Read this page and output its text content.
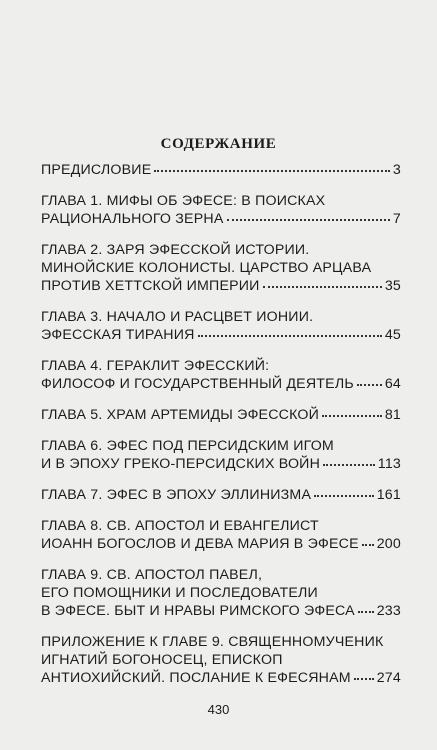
СОДЕРЖАНИЕ
ПРЕДИСЛОВИЕ	3
ГЛАВА 1. МИФЫ ОБ ЭФЕСЕ: В ПОИСКАХ
РАЦИОНАЛЬНОГО ЗЕРНА	7
ГЛАВА 2. ЗАРЯ ЭФЕССКОЙ ИСТОРИИ.
МИНОЙСКИЕ КОЛОНИСТЫ. ЦАРСТВО АРЦАВА
ПРОТИВ ХЕТТСКОЙ ИМПЕРИИ	35
ГЛАВА 3. НАЧАЛО И РАСЦВЕТ ИОНИИ.
ЭФЕССКАЯ ТИРАНИЯ	45
ГЛАВА 4. ГЕРАКЛИТ ЭФЕССКИЙ:
ФИЛОСОФ И ГОСУДАРСТВЕННЫЙ ДЕЯТЕЛЬ 64
ГЛАВА 5. ХРАМ АРТЕМИДЫ ЭФЕССКОЙ	81
ГЛАВА 6. ЭФЕС ПОД ПЕРСИДСКИМ ИГОМ
И В ЭПОХУ ГРЕКО-ПЕРСИДСКИХ ВОЙН	113
ГЛАВА 7. ЭФЕС В ЭПОХУ ЭЛЛИНИЗМА	161
ГЛАВА 8. СВ. АПОСТОЛ И ЕВАНГЕЛИСТ
ИОАНН БОГОСЛОВ И ДЕВА МАРИЯ В ЭФЕСЕ 200
ГЛАВА 9. СВ. АПОСТОЛ ПАВЕЛ,
ЕГО ПОМОЩНИКИ И ПОСЛЕДОВАТЕЛИ
В ЭФЕСЕ. БЫТ И НРАВЫ РИМСКОГО ЭФЕСА 233
ПРИЛОЖЕНИЕ К ГЛАВЕ 9. СВЯЩЕННОМУЧЕНИК
ИГНАТИЙ БОГОНОСЕЦ, ЕПИСКОП
АНТИОХИЙСКИЙ. ПОСЛАНИЕ К ЕФЕСЯНАМ 274
430
